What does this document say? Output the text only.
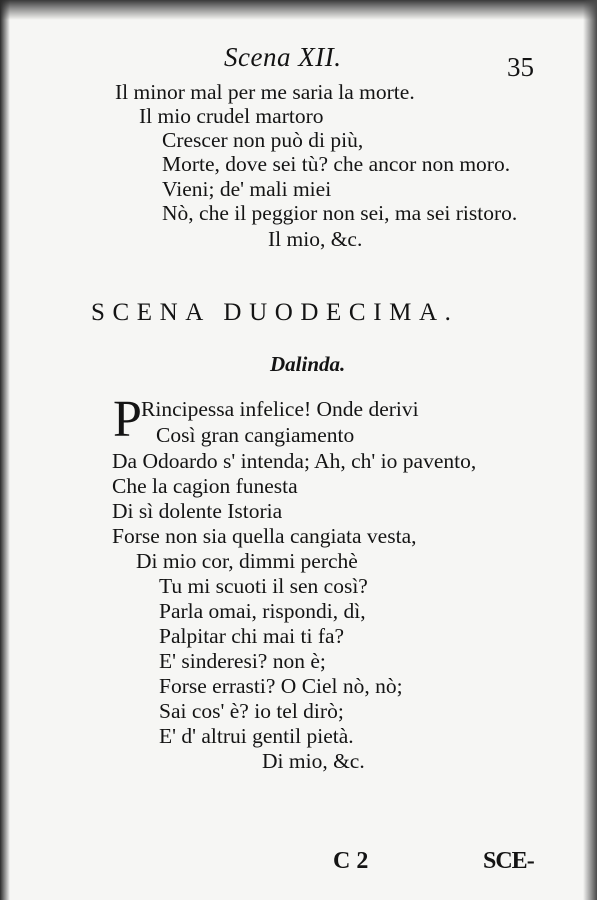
Scena XII.	35
Il minor mal per me saria la morte.
Il mio crudel martoro
Crescer non può di più,
Morte, dove sei tù? che ancor non moro.
Vieni; de' mali miei
Nò, che il peggior non sei, ma sei ristoro.
Il mio, &c.
SCENA DUODECIMA.
Dalinda.
P Rincipessa infelice! Onde derivi
Così gran cangiamento
Da Odoardo s' intenda; Ah, ch' io pavento,
Che la cagion funesta
Di sì dolente Istoria
Forse non sia quella cangiata vesta,
Di mio cor, dimmi perchè
Tu mi scuoti il sen così?
Parla omai, rispondi, dì,
Palpitar chi mai ti fa?
E' sinderesi? non è;
Forse errasti? O Ciel nò, nò;
Sai cos' è? io tel dirò;
E' d' altrui gentil pietà.
Di mio, &c.
C 2	SCE-
